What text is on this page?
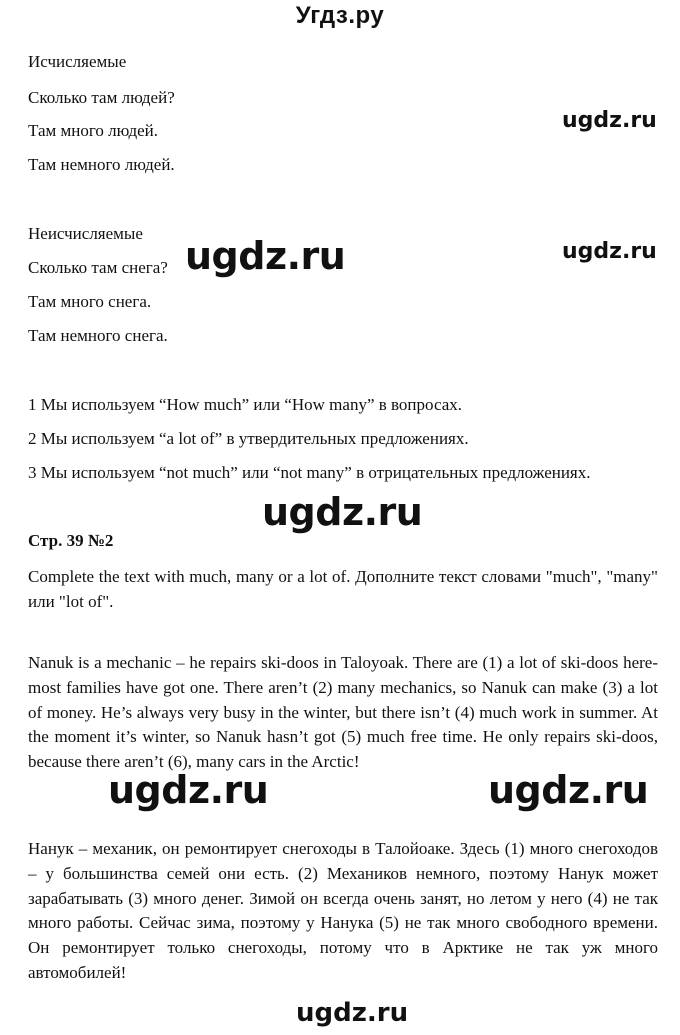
Угдз.ру
Исчисляемые
Сколько там людей?
Там много людей.
Там немного людей.
Неисчисляемые
Сколько там снега?
Там много снега.
Там немного снега.
1 Мы используем “How much” или “How many” в вопросах.
2 Мы используем “a lot of” в утвердительных предложениях.
3 Мы используем “not much” или “not many” в отрицательных предложениях.
Стр. 39 №2
Complete the text with much, many or a lot of. Дополните текст словами "much", "many" или "lot of".
Nanuk is a mechanic – he repairs ski-doos in Taloyoak. There are (1) a lot of ski-doos here-most families have got one. There aren’t (2) many mechanics, so Nanuk can make (3) a lot of money. He’s always very busy in the winter, but there isn’t (4) much work in summer. At the moment it’s winter, so Nanuk hasn’t got (5) much free time. He only repairs ski-doos, because there aren’t (6), many cars in the Arctic!
Нанук – механик, он ремонтирует снегоходы в Талойоаке. Здесь (1) много снегоходов – у большинства семей они есть. (2) Механиков немного, поэтому Нанук может зарабатывать (3) много денег. Зимой он всегда очень занят, но летом у него (4) не так много работы. Сейчас зима, поэтому у Нанука (5) не так много свободного времени. Он ремонтирует только снегоходы, потому что в Арктике не так уж много автомобилей!
ugdz.ru
ugdz.ru
ugdz.ru
ugdz.ru
ugdz.ru	ugdz.ru
ugdz.ru
